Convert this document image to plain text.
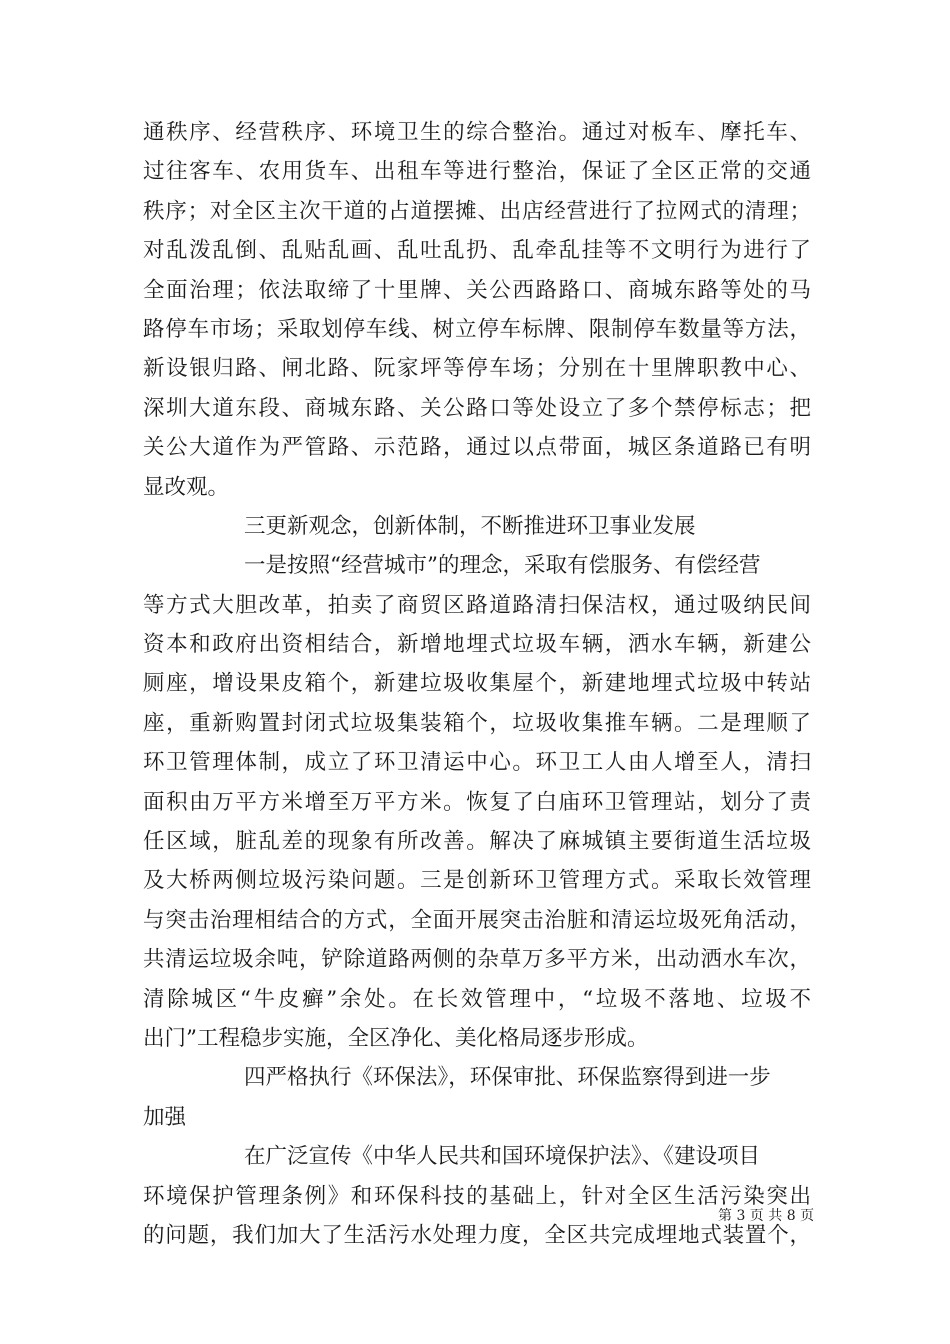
通秩序、经营秩序、环境卫生的综合整治。通过对板车、摩托车、
过往客车、农用货车、出租车等进行整治，保证了全区正常的交通
秩序；对全区主次干道的占道摆摊、出店经营进行了拉网式的清理；
对乱泼乱倒、乱贴乱画、乱吐乱扔、乱牵乱挂等不文明行为进行了
全面治理；依法取缔了十里牌、关公西路路口、商城东路等处的马
路停车市场；采取划停车线、树立停车标牌、限制停车数量等方法，
新设银归路、闸北路、阮家坪等停车场；分别在十里牌职教中心、
深圳大道东段、商城东路、关公路口等处设立了多个禁停标志；把
关公大道作为严管路、示范路，通过以点带面，城区条道路已有明
显改观。
三更新观念，创新体制，不断推进环卫事业发展
一是按照“经营城市”的理念，采取有偿服务、有偿经营
等方式大胆改革，拍卖了商贸区路道路清扫保洁权，通过吸纳民间
资本和政府出资相结合，新增地埋式垃圾车辆，洒水车辆，新建公
厕座，增设果皮箱个，新建垃圾收集屋个，新建地埋式垃圾中转站
座，重新购置封闭式垃圾集装箱个，垃圾收集推车辆。二是理顺了
环卫管理体制，成立了环卫清运中心。环卫工人由人增至人，清扫
面积由万平方米增至万平方米。恢复了白庙环卫管理站，划分了责
任区域，脏乱差的现象有所改善。解决了麻城镇主要街道生活垃圾
及大桥两侧垃圾污染问题。三是创新环卫管理方式。采取长效管理
与突击治理相结合的方式，全面开展突击治脏和清运垃圾死角活动，
共清运垃圾余吨，铲除道路两侧的杂草万多平方米，出动洒水车次，
清除城区“牛皮癣”余处。在长效管理中，“垃圾不落地、垃圾不
出门”工程稳步实施，全区净化、美化格局逐步形成。
四严格执行《环保法》，环保审批、环保监察得到进一步
加强
在广泛宣传《中华人民共和国环境保护法》、《建设项目
环境保护管理条例》和环保科技的基础上，针对全区生活污染突出
的问题，我们加大了生活污水处理力度，全区共完成埋地式装置个，
第 3 页 共 8 页
